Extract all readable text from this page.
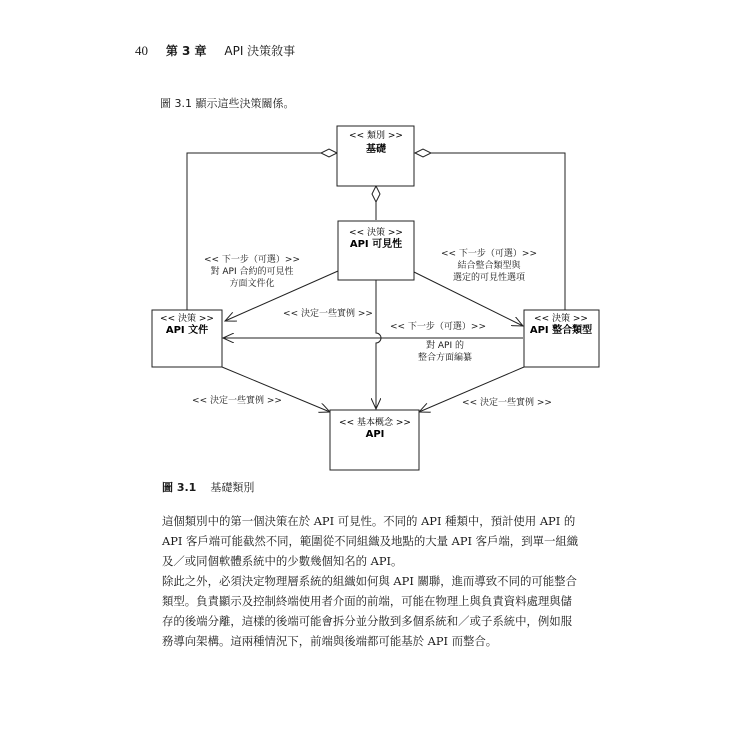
40 第 3 章 API 決策敘事
圖 3.1 顯示這些決策關係。
<< 類別 >>
基礎
<< 決策 >>
API 可見性
<< 決策 >>
API 文件
<< 決策 >>
API 整合類型
<< 基本概念 >>
API
<< 下一步（可選）>>
對 API 合約的可見性
方面文件化
<< 下一步（可選）>>
結合整合類型與
選定的可見性選項
<< 決定一些實例 >>
<< 下一步（可選）>>
對 API 的
整合方面編纂
<< 決定一些實例 >>	<< 決定一些實例 >>
圖 3.1 基礎類別

這個類別中的第一個決策在於 API 可見性。不同的 API 種類中，預計使用 API 的
API 客戶端可能截然不同，範圍從不同組織及地點的大量 API 客戶端，到單一組織
及／或同個軟體系統中的少數幾個知名的 API。

除此之外，必須決定物理層系統的組織如何與 API 關聯，進而導致不同的可能整合
類型。負責顯示及控制終端使用者介面的前端，可能在物理上與負責資料處理與儲
存的後端分離，這樣的後端可能會拆分並分散到多個系統和／或子系統中，例如服
務導向架構。這兩種情況下，前端與後端都可能基於 API 而整合。
